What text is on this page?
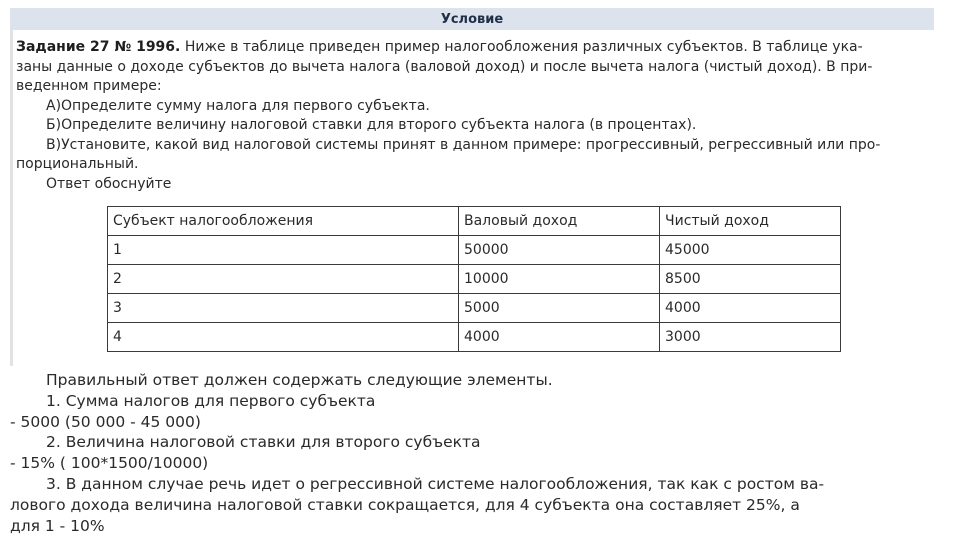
Условие

Задание 27 № 1996. Ниже в таблице приведен пример налогообложения различных субъектов. В таблице ука-

заны данные о доходе субъектов до вычета налога (валовой доход) и после вычета налога (чистый доход). В при-

веденном примере:

А)Определите сумму налога для первого субъекта.

Б)Определите величину налоговой ставки для второго субъекта налога (в процентах).

В)Установите, какой вид налоговой системы принят в данном примере: прогрессивный, регрессивный или про-

порциональный.

Ответ обоснуйте

Субъект налогообложения	Валовый доход	Чистый доход
1	50000	45000
2	10000	8500
3	5000	4000
4	4000	3000

Правильный ответ должен содержать следующие элементы.

1. Сумма налогов для первого субъекта

- 5000 (50 000 - 45 000)

2. Величина налоговой ставки для второго субъекта

- 15% ( 100*1500/10000)

3. В данном случае речь идет о регрессивной системе налогообложения, так как с ростом ва-

лового дохода величина налоговой ставки сокращается, для 4 субъекта она составляет 25%, а

для 1 - 10%
